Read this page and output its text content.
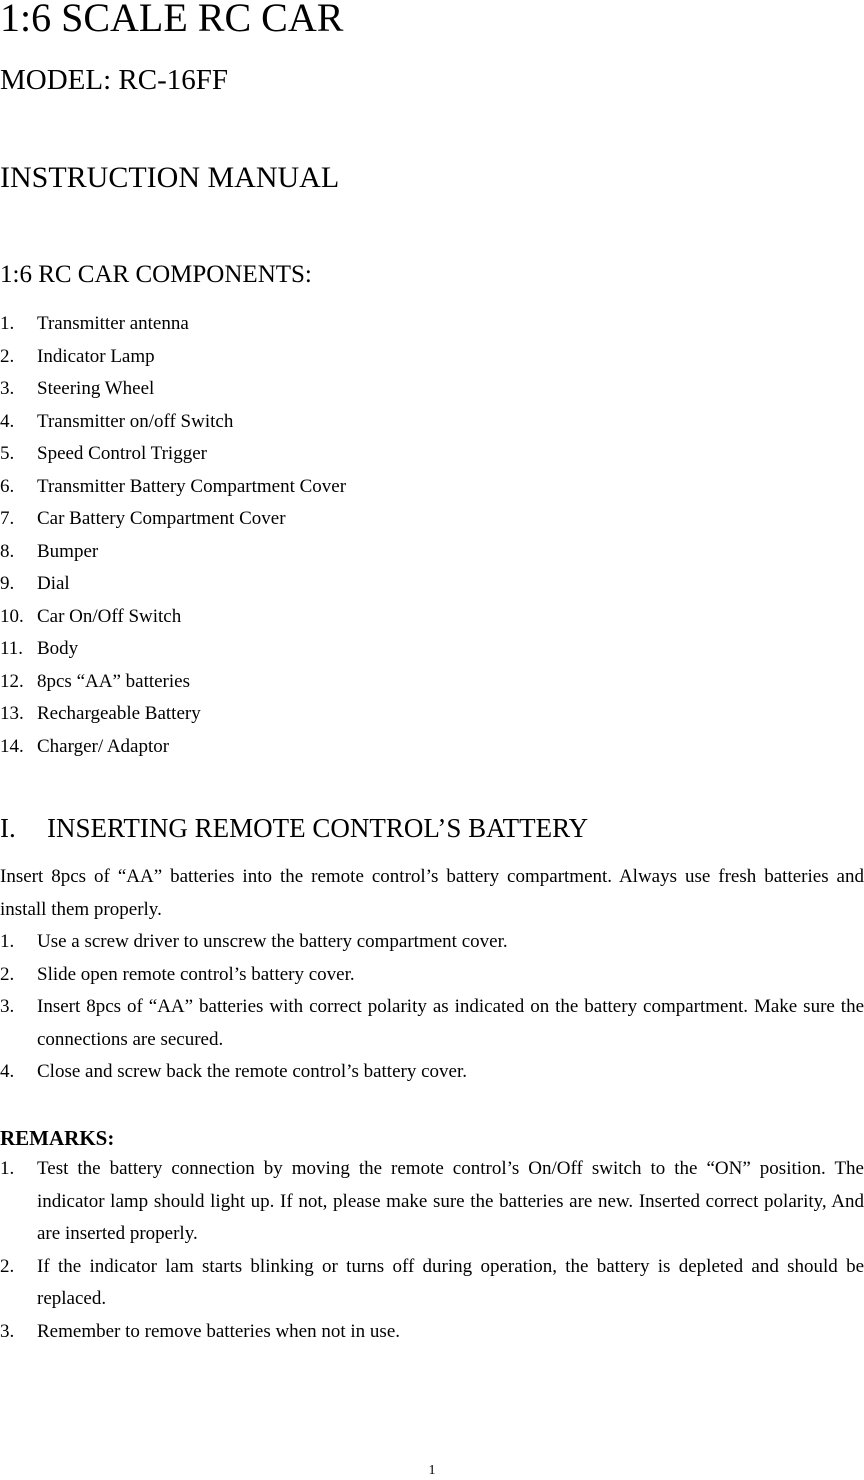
1:6 SCALE RC CAR
MODEL: RC-16FF
INSTRUCTION MANUAL
1:6 RC CAR COMPONENTS:
1. Transmitter antenna
2. Indicator Lamp
3. Steering Wheel
4. Transmitter on/off Switch
5. Speed Control Trigger
6. Transmitter Battery Compartment Cover
7. Car Battery Compartment Cover
8. Bumper
9. Dial
10. Car On/Off Switch
11. Body
12. 8pcs “AA” batteries
13. Rechargeable Battery
14. Charger/ Adaptor
I. INSERTING REMOTE CONTROL’S BATTERY
Insert 8pcs of “AA” batteries into the remote control’s battery compartment. Always use fresh batteries and install them properly.
1. Use a screw driver to unscrew the battery compartment cover.
2. Slide open remote control’s battery cover.
3. Insert 8pcs of “AA” batteries with correct polarity as indicated on the battery compartment. Make sure the connections are secured.
4. Close and screw back the remote control’s battery cover.
REMARKS:
1. Test the battery connection by moving the remote control’s On/Off switch to the “ON” position. The indicator lamp should light up. If not, please make sure the batteries are new. Inserted correct polarity, And are inserted properly.
2. If the indicator lam starts blinking or turns off during operation, the battery is depleted and should be replaced.
3. Remember to remove batteries when not in use.
1
